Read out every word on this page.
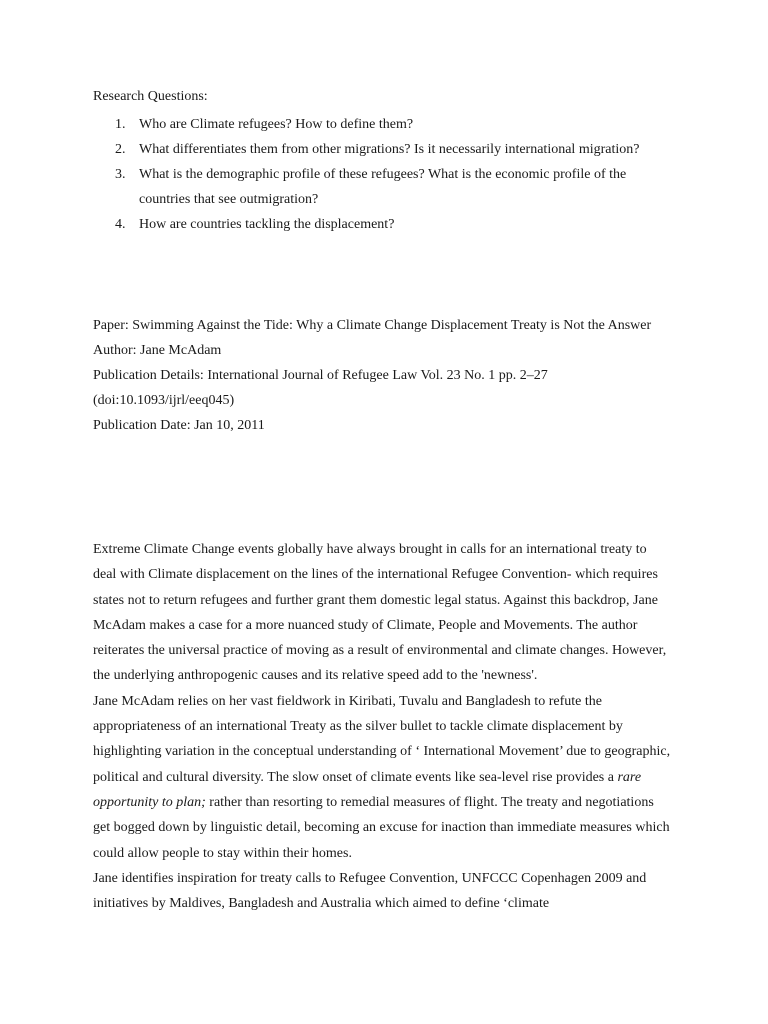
Research Questions:
1. Who are Climate refugees? How to define them?
2. What differentiates them from other migrations? Is it necessarily international migration?
3. What is the demographic profile of these refugees? What is the economic profile of the countries that see outmigration?
4. How are countries tackling the displacement?
Paper: Swimming Against the Tide: Why a Climate Change Displacement Treaty is Not the Answer
Author: Jane McAdam
Publication Details: International Journal of Refugee Law Vol. 23 No. 1 pp. 2–27 (doi:10.1093/ijrl/eeq045)
Publication Date: Jan 10, 2011

Extreme Climate Change events globally have always brought in calls for an international treaty to deal with Climate displacement on the lines of the international Refugee Convention- which requires states not to return refugees and further grant them domestic legal status. Against this backdrop, Jane McAdam makes a case for a more nuanced study of Climate, People and Movements. The author reiterates the universal practice of moving as a result of environmental and climate changes. However, the underlying anthropogenic causes and its relative speed add to the 'newness'.

Jane McAdam relies on her vast fieldwork in Kiribati, Tuvalu and Bangladesh to refute the appropriateness of an international Treaty as the silver bullet to tackle climate displacement by highlighting variation in the conceptual understanding of ‘ International Movement’ due to geographic, political and cultural diversity. The slow onset of climate events like sea-level rise provides a rare opportunity to plan; rather than resorting to remedial measures of flight. The treaty and negotiations get bogged down by linguistic detail, becoming an excuse for inaction than immediate measures which could allow people to stay within their homes.

Jane identifies inspiration for treaty calls to Refugee Convention, UNFCCC Copenhagen 2009 and initiatives by Maldives, Bangladesh and Australia which aimed to define ‘climate
